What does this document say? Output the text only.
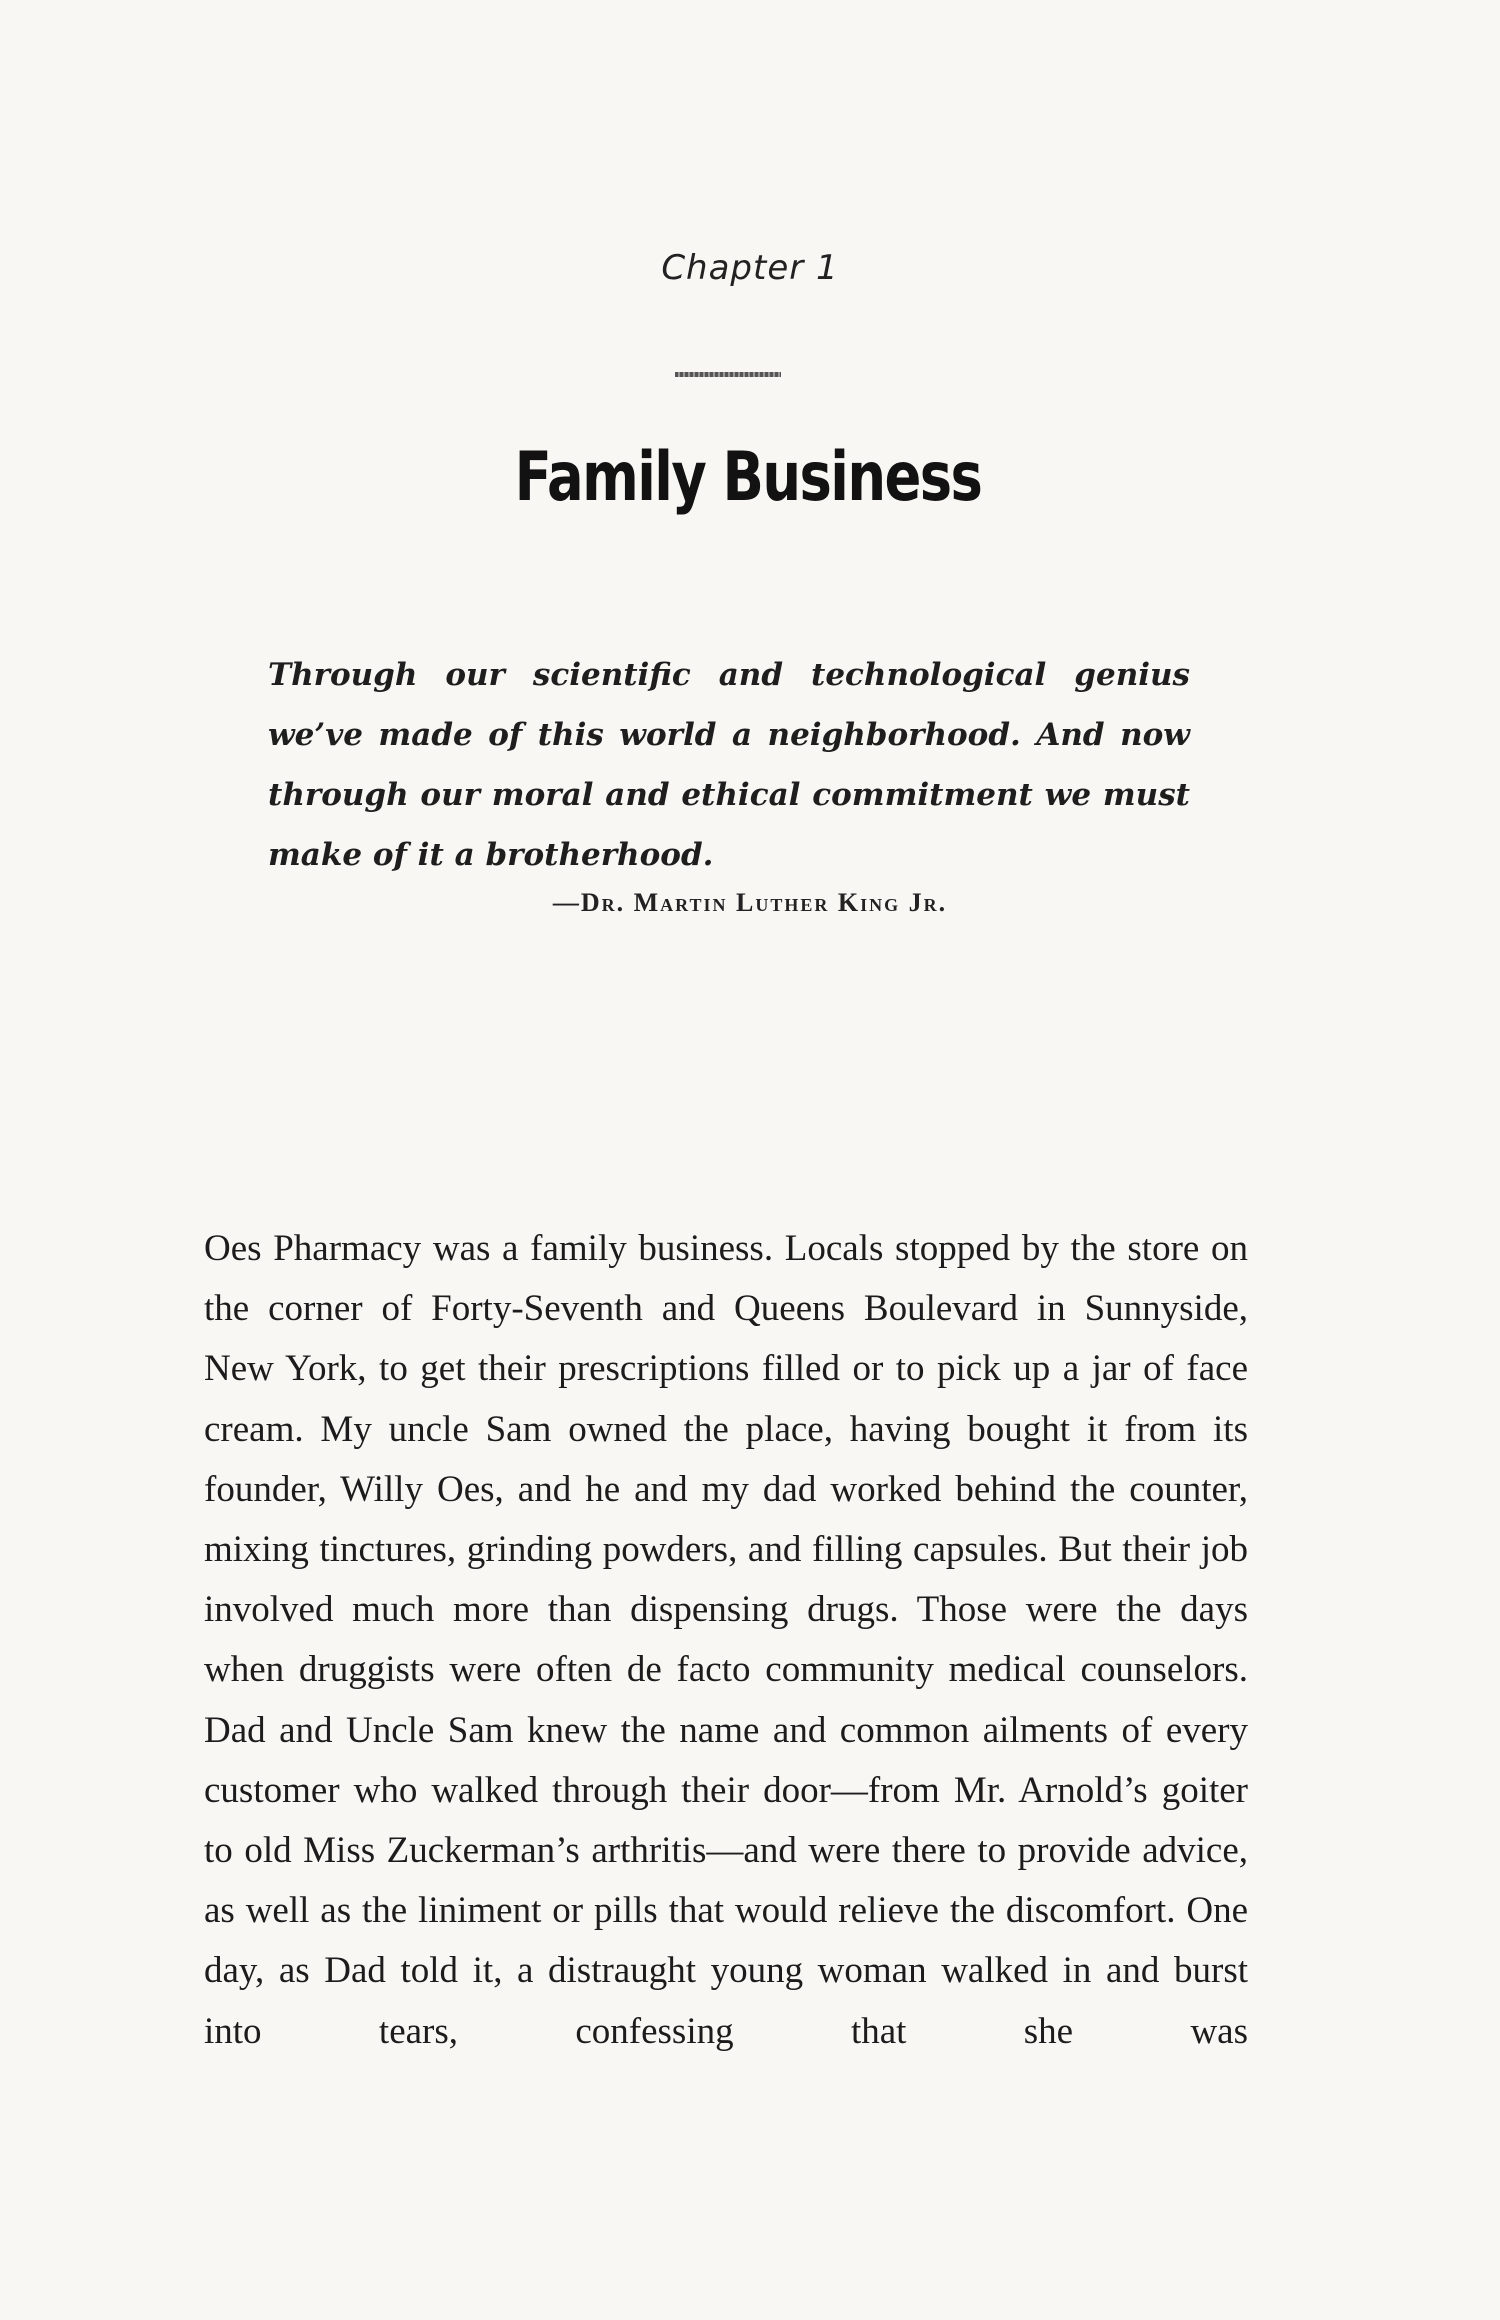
Chapter 1
Family Business

Through our scientific and technological genius we’ve made of this world a neighborhood. And now through our moral and ethical commitment we must make of it a brotherhood.

—Dr. Martin Luther King Jr.

Oes Pharmacy was a family business. Locals stopped by the store on the corner of Forty-Seventh and Queens Boulevard in Sunnyside, New York, to get their prescriptions filled or to pick up a jar of face cream. My uncle Sam owned the place, having bought it from its founder, Willy Oes, and he and my dad worked behind the counter, mixing tinctures, grinding powders, and filling capsules. But their job involved much more than dispensing drugs. Those were the days when druggists were often de facto community medical counselors. Dad and Uncle Sam knew the name and common ailments of every customer who walked through their door—from Mr. Arnold’s goiter to old Miss Zuckerman’s arthritis—and were there to provide advice, as well as the liniment or pills that would relieve the discomfort. One day, as Dad told it, a distraught young woman walked in and burst into tears, confessing that she was
